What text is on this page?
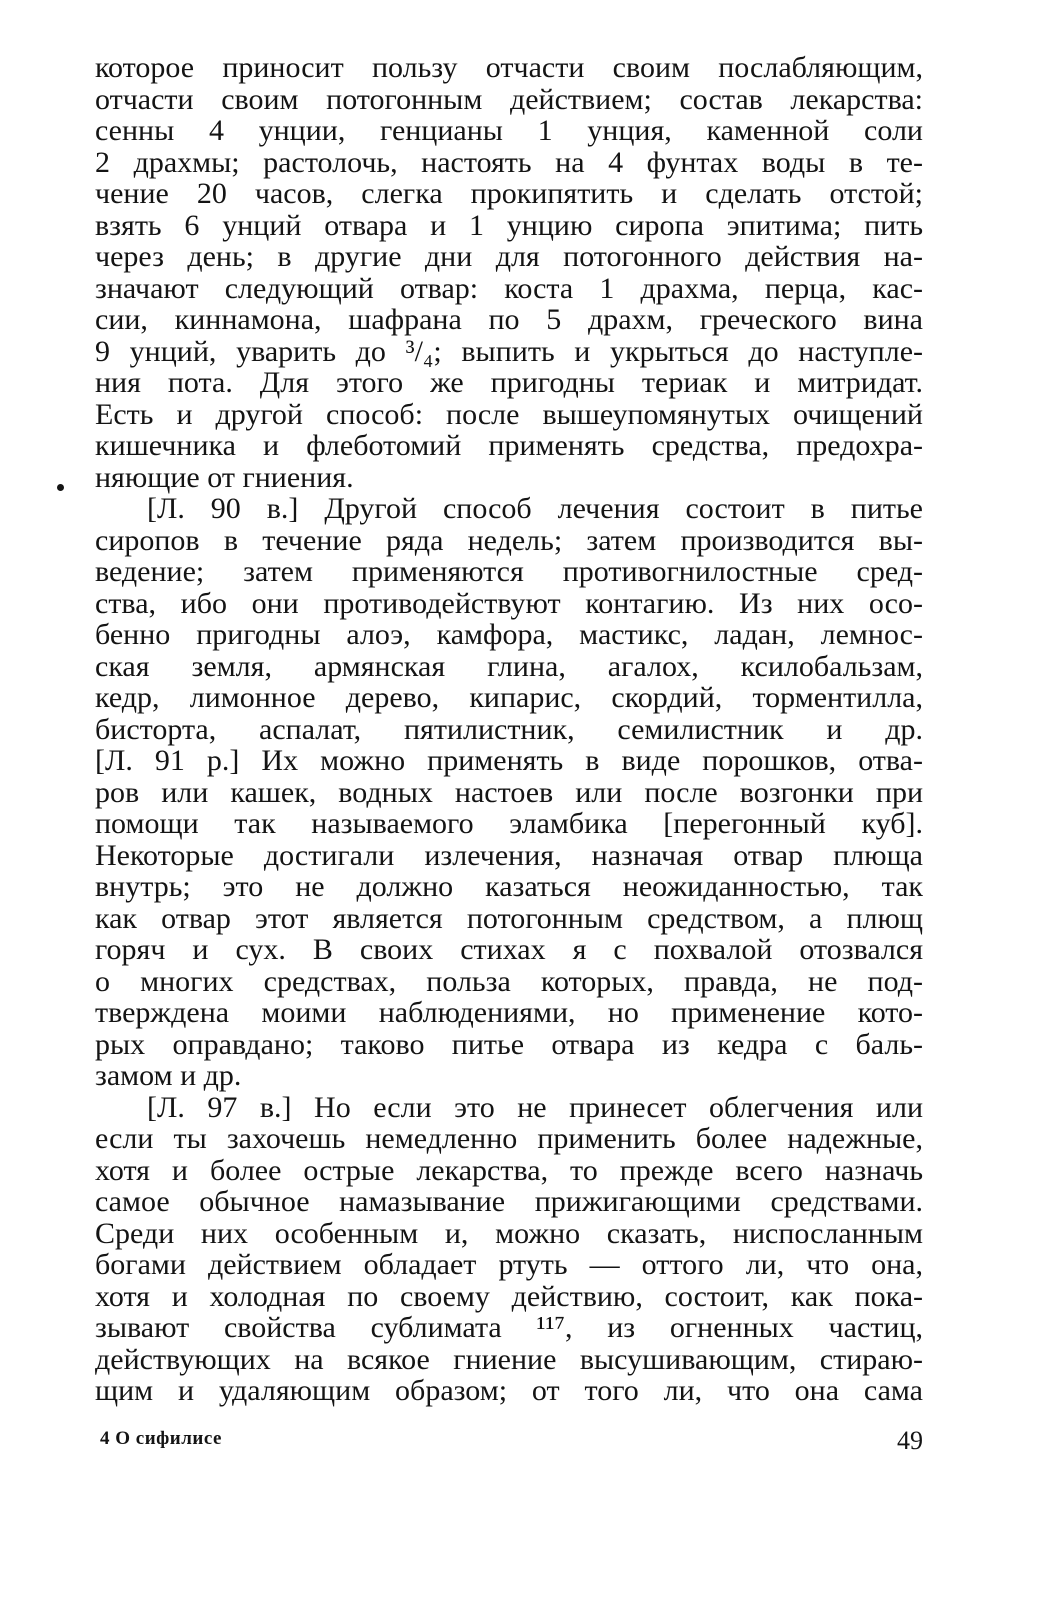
которое приносит пользу отчасти своим послабляющим,
отчасти своим потогонным действием; состав лекарства:
сенны 4 унции, генцианы 1 унция, каменной соли
2 драхмы; растолочь, настоять на 4 фунтах воды в те-
чение 20 часов, слегка прокипятить и сделать отстой;
взять 6 унций отвара и 1 унцию сиропа эпитима; пить
через день; в другие дни для потогонного действия на-
значают следующий отвар: коста 1 драхма, перца, кас-
сии, киннамона, шафрана по 5 драхм, греческого вина
9 унций, уварить до ³/₄; выпить и укрыться до наступле-
ния пота. Для этого же пригодны териак и митридат.
Есть и другой способ: после вышеупомянутых очищений
кишечника и флеботомий применять средства, предохра-
няющие от гниения.
[Л. 90 в.] Другой способ лечения состоит в питье
сиропов в течение ряда недель; затем производится вы-
ведение; затем применяются противогнилостные сред-
ства, ибо они противодействуют контагию. Из них осо-
бенно пригодны алоэ, камфора, мастикс, ладан, лемнос-
ская земля, армянская глина, агалох, ксилобальзам,
кедр, лимонное дерево, кипарис, скордий, торментилла,
бисторта, аспалат, пятилистник, семилистник и др.
[Л. 91 р.] Их можно применять в виде порошков, отва-
ров или кашек, водных настоев или после возгонки при
помощи так называемого эламбика [перегонный куб].
Некоторые достигали излечения, назначая отвар плюща
внутрь; это не должно казаться неожиданностью, так
как отвар этот является потогонным средством, а плющ
горяч и сух. В своих стихах я с похвалой отозвался
о многих средствах, польза которых, правда, не под-
тверждена моими наблюдениями, но применение кото-
рых оправдано; таково питье отвара из кедра с баль-
замом и др.
[Л. 97 в.] Но если это не принесет облегчения или
если ты захочешь немедленно применить более надежные,
хотя и более острые лекарства, то прежде всего назначь
самое обычное намазывание прижигающими средствами.
Среди них особенным и, можно сказать, ниспосланным
богами действием обладает ртуть — оттого ли, что она,
хотя и холодная по своему действию, состоит, как пока-
зывают свойства сублимата ¹¹⁷, из огненных частиц,
действующих на всякое гниение высушивающим, стираю-
щим и удаляющим образом; от того ли, что она сама
4 О сифилисе	49
